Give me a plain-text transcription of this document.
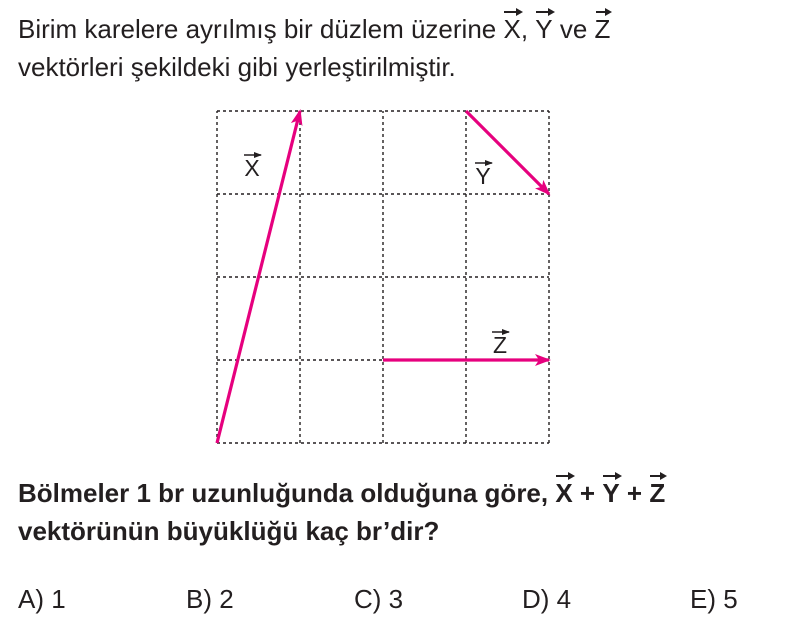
Birim karelere ayrılmış bir düzlem üzerine X, Y ve Z
vektörleri şekildeki gibi yerleştirilmiştir.
X	Y
Z
Bölmeler 1 br uzunluğunda olduğuna göre, X + Y + Z
vektörünün büyüklüğü kaç br’dir?
A) 1	B) 2	C) 3	D) 4	E) 5
